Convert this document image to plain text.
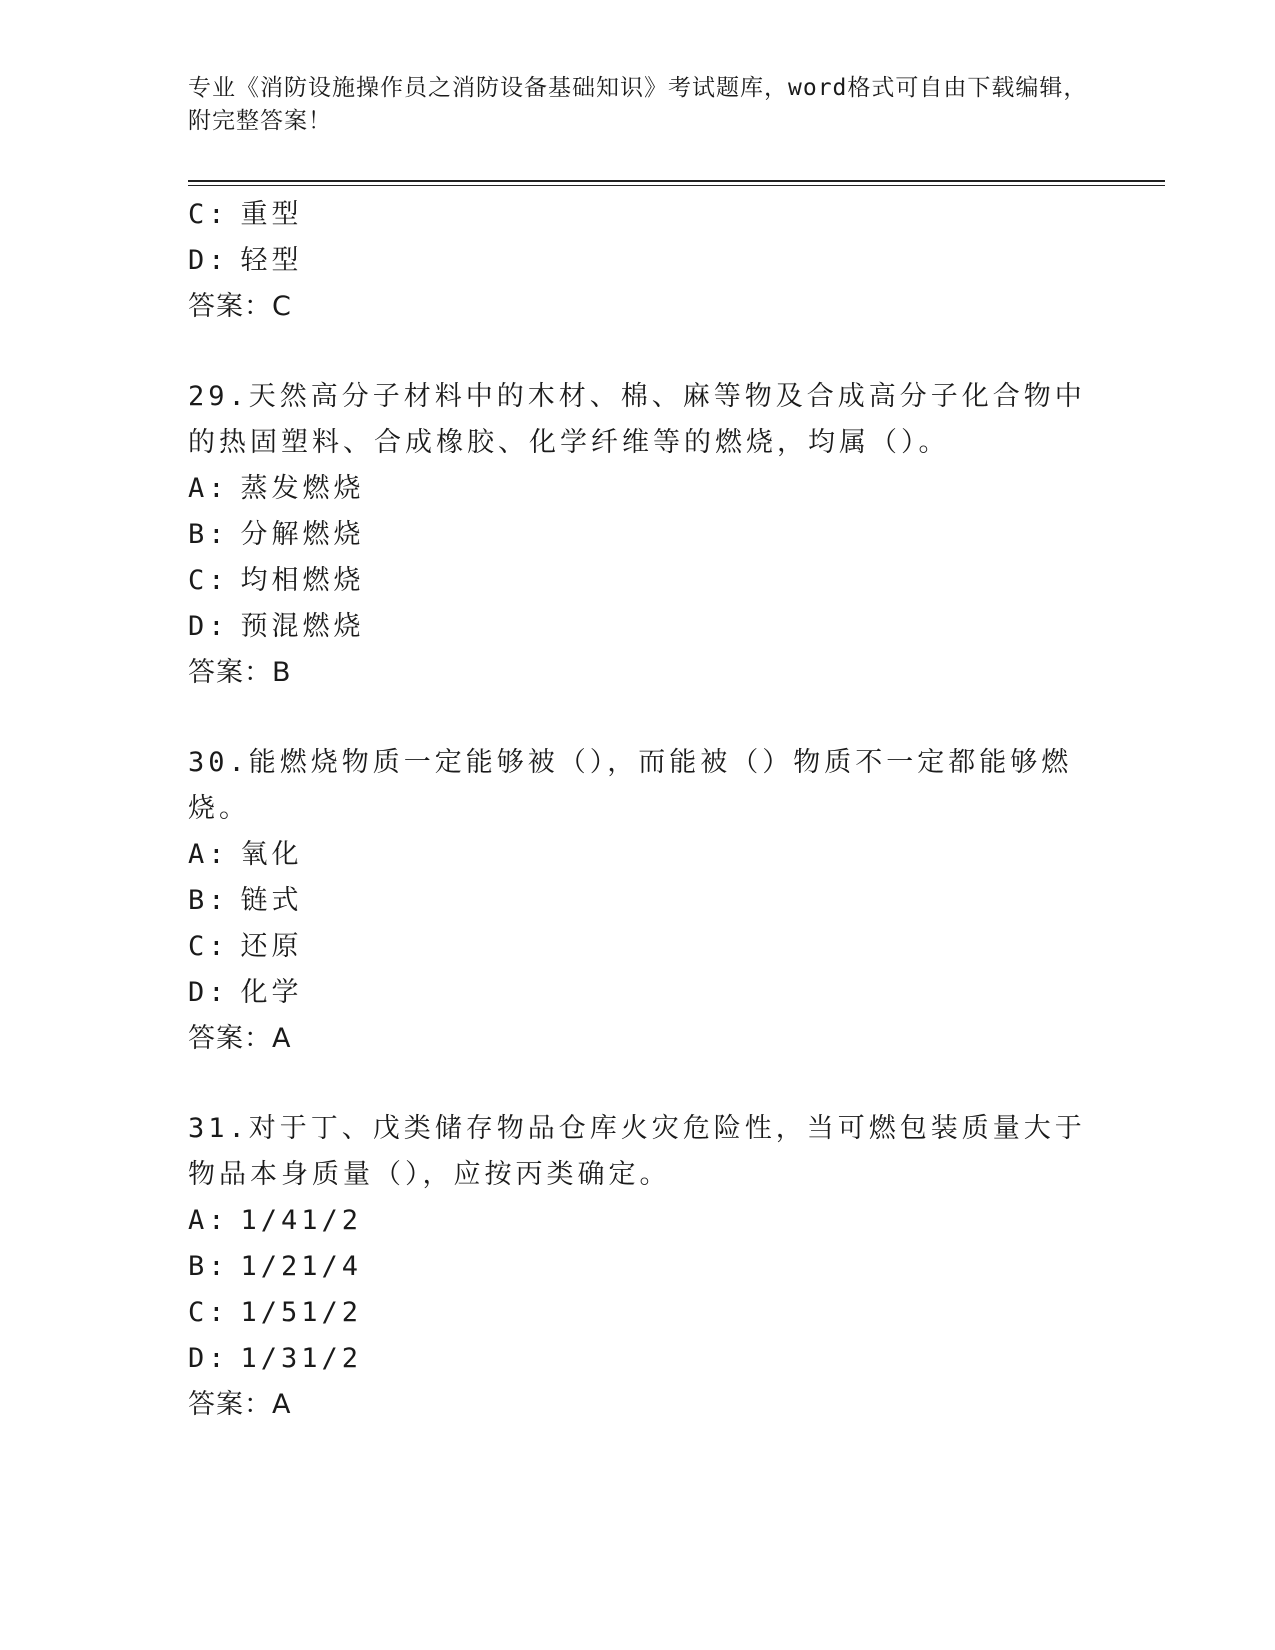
专业《消防设施操作员之消防设备基础知识》考试题库，word格式可自由下载编辑，附完整答案！
C: 重型
D: 轻型
答案：C
29.天然高分子材料中的木材、棉、麻等物及合成高分子化合物中的热固塑料、合成橡胶、化学纤维等的燃烧，均属（）。
A: 蒸发燃烧
B: 分解燃烧
C: 均相燃烧
D: 预混燃烧
答案：B
30.能燃烧物质一定能够被（），而能被（）物质不一定都能够燃烧。
A: 氧化
B: 链式
C: 还原
D: 化学
答案：A
31.对于丁、戊类储存物品仓库火灾危险性，当可燃包装质量大于物品本身质量（），应按丙类确定。
A: 1/41/2
B: 1/21/4
C: 1/51/2
D: 1/31/2
答案：A
